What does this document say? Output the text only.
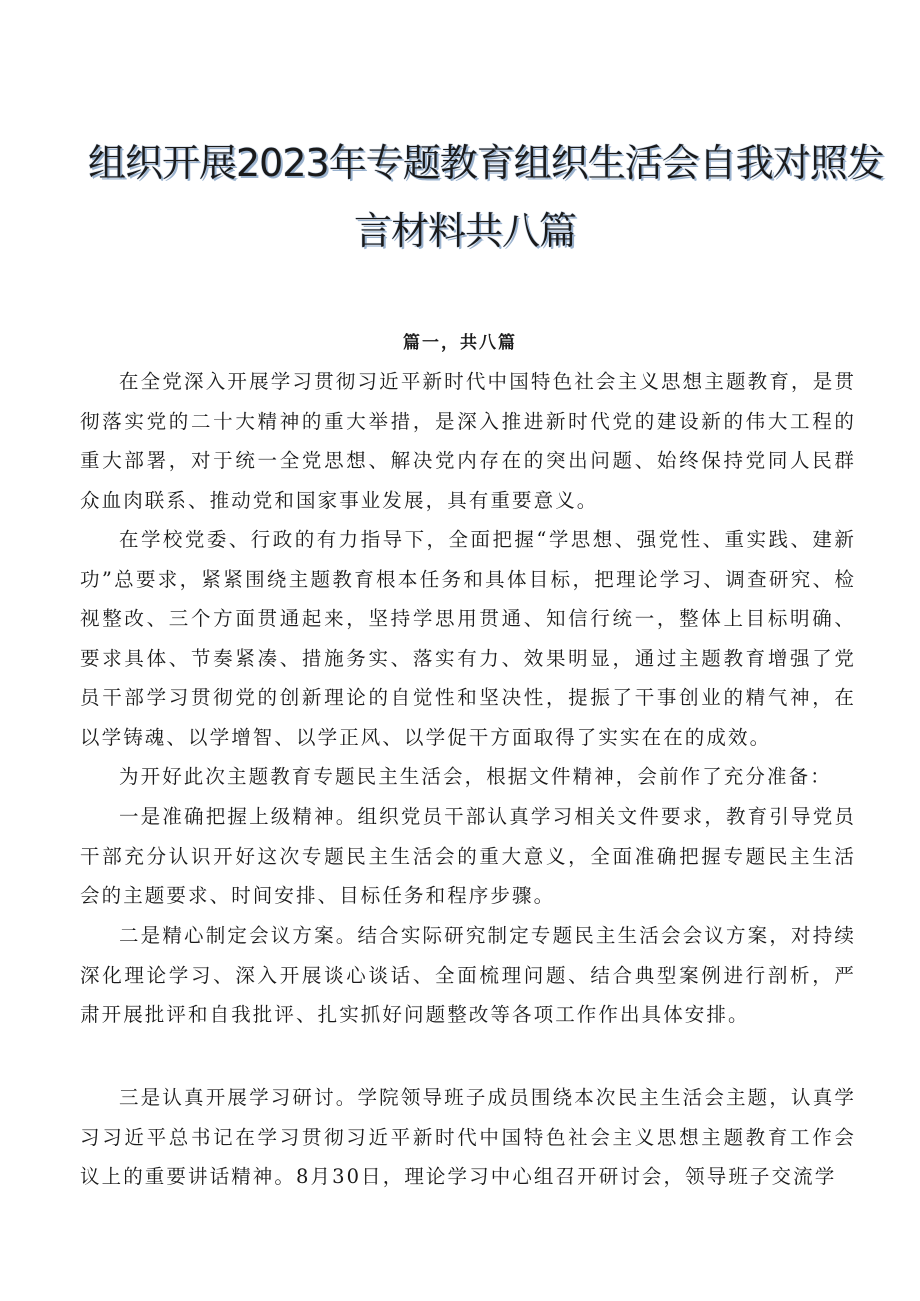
组织开展2023年专题教育组织生活会自我对照发
言材料共八篇
篇一，共八篇

在全党深入开展学习贯彻习近平新时代中国特色社会主义思想主题教育，是贯彻落实党的二十大精神的重大举措，是深入推进新时代党的建设新的伟大工程的重大部署，对于统一全党思想、解决党内存在的突出问题、始终保持党同人民群众血肉联系、推动党和国家事业发展，具有重要意义。

在学校党委、行政的有力指导下，全面把握“学思想、强党性、重实践、建新功”总要求，紧紧围绕主题教育根本任务和具体目标，把理论学习、调查研究、检视整改、三个方面贯通起来，坚持学思用贯通、知信行统一，整体上目标明确、要求具体、节奏紧凑、措施务实、落实有力、效果明显，通过主题教育增强了党员干部学习贯彻党的创新理论的自觉性和坚决性，提振了干事创业的精气神，在以学铸魂、以学增智、以学正风、以学促干方面取得了实实在在的成效。

为开好此次主题教育专题民主生活会，根据文件精神，会前作了充分准备：

一是准确把握上级精神。组织党员干部认真学习相关文件要求，教育引导党员干部充分认识开好这次专题民主生活会的重大意义，全面准确把握专题民主生活会的主题要求、时间安排、目标任务和程序步骤。

二是精心制定会议方案。结合实际研究制定专题民主生活会会议方案，对持续深化理论学习、深入开展谈心谈话、全面梳理问题、结合典型案例进行剖析，严肃开展批评和自我批评、扎实抓好问题整改等各项工作作出具体安排。

三是认真开展学习研讨。学院领导班子成员围绕本次民主生活会主题，认真学习习近平总书记在学习贯彻习近平新时代中国特色社会主义思想主题教育工作会议上的重要讲话精神。8月30日，理论学习中心组召开研讨会，领导班子交流学
